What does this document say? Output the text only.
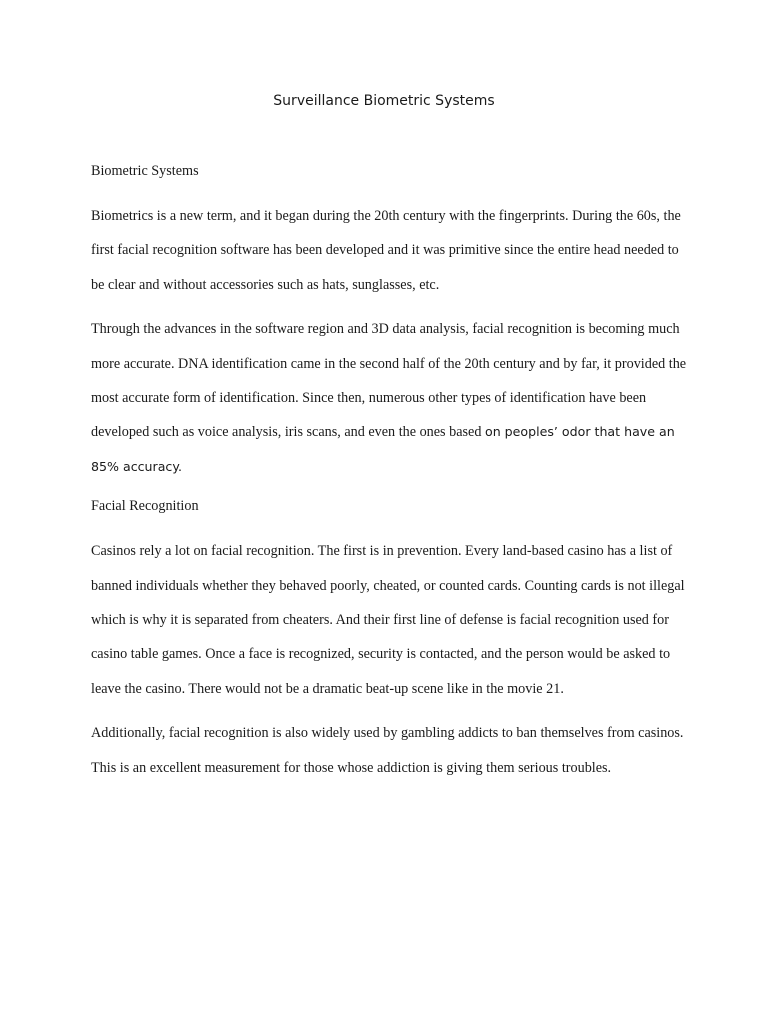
Surveillance Biometric Systems
Biometric Systems

Biometrics is a new term, and it began during the 20th century with the fingerprints. During the 60s, the first facial recognition software has been developed and it was primitive since the entire head needed to be clear and without accessories such as hats, sunglasses, etc.

Through the advances in the software region and 3D data analysis, facial recognition is becoming much more accurate. DNA identification came in the second half of the 20th century and by far, it provided the most accurate form of identification. Since then, numerous other types of identification have been developed such as voice analysis, iris scans, and even the ones based on peoples’ odor that have an 85% accuracy.

Facial Recognition

Casinos rely a lot on facial recognition. The first is in prevention. Every land-based casino has a list of banned individuals whether they behaved poorly, cheated, or counted cards. Counting cards is not illegal which is why it is separated from cheaters. And their first line of defense is facial recognition used for casino table games. Once a face is recognized, security is contacted, and the person would be asked to leave the casino. There would not be a dramatic beat-up scene like in the movie 21.

Additionally, facial recognition is also widely used by gambling addicts to ban themselves from casinos. This is an excellent measurement for those whose addiction is giving them serious troubles.
